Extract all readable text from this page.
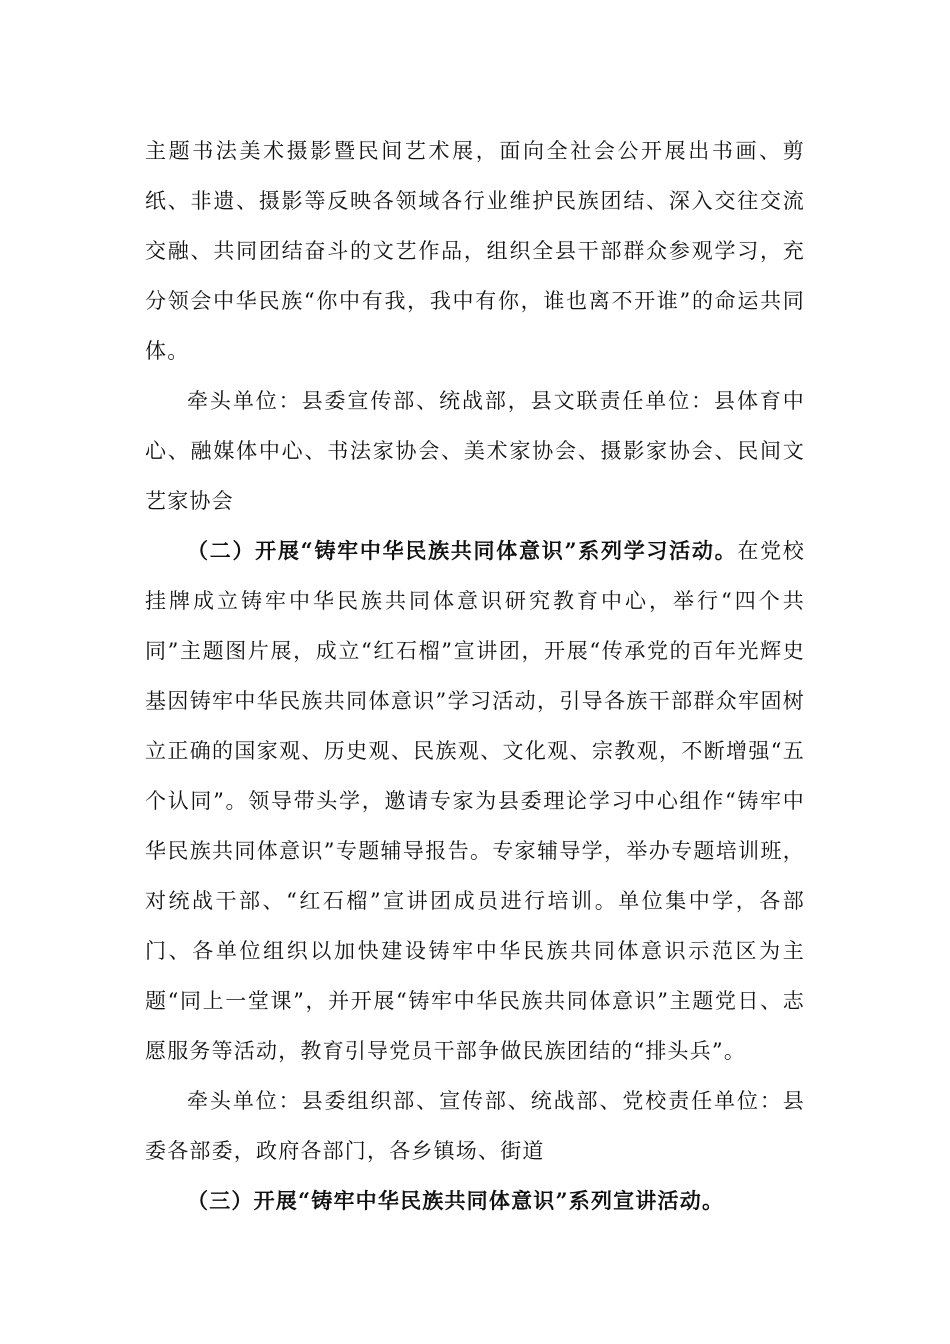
主题书法美术摄影暨民间艺术展，面向全社会公开展出书画、剪纸、非遗、摄影等反映各领域各行业维护民族团结、深入交往交流交融、共同团结奋斗的文艺作品，组织全县干部群众参观学习，充分领会中华民族“你中有我，我中有你，谁也离不开谁”的命运共同体。

牵头单位：县委宣传部、统战部，县文联责任单位：县体育中心、融媒体中心、书法家协会、美术家协会、摄影家协会、民间文艺家协会

（二）开展“铸牢中华民族共同体意识”系列学习活动。在党校挂牌成立铸牢中华民族共同体意识研究教育中心，举行“四个共同”主题图片展，成立“红石榴”宣讲团，开展“传承党的百年光辉史基因铸牢中华民族共同体意识”学习活动，引导各族干部群众牢固树立正确的国家观、历史观、民族观、文化观、宗教观，不断增强“五个认同”。领导带头学，邀请专家为县委理论学习中心组作“铸牢中华民族共同体意识”专题辅导报告。专家辅导学，举办专题培训班，对统战干部、“红石榴”宣讲团成员进行培训。单位集中学，各部门、各单位组织以加快建设铸牢中华民族共同体意识示范区为主题“同上一堂课”，并开展“铸牢中华民族共同体意识”主题党日、志愿服务等活动，教育引导党员干部争做民族团结的“排头兵”。

牵头单位：县委组织部、宣传部、统战部、党校责任单位：县委各部委，政府各部门，各乡镇场、街道

（三）开展“铸牢中华民族共同体意识”系列宣讲活动。
